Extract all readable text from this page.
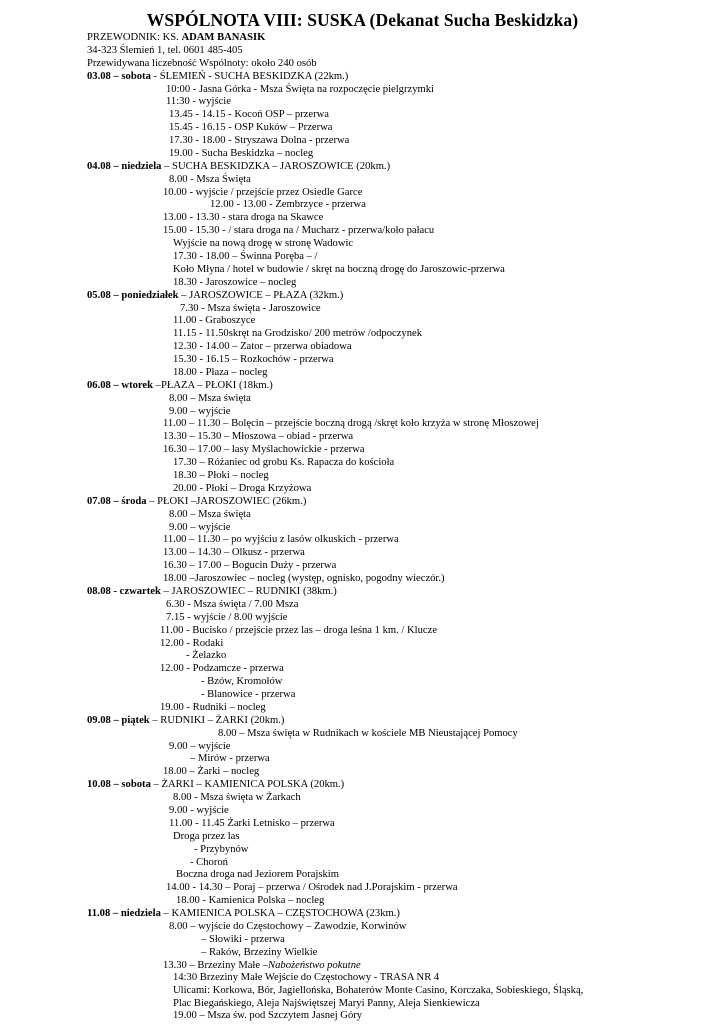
WSPÓLNOTA VIII: SUSKA (Dekanat Sucha Beskidzka)
PRZEWODNIK: KS. ADAM BANASIK
34-323 Ślemień 1, tel. 0601 485-405
Przewidywana liczebność Wspólnoty: około 240 osób
03.08 – sobota - ŚLEMIEŃ - SUCHA BESKIDZKA (22km.)
10:00 - Jasna Górka - Msza Święta na rozpoczęcie pielgrzymki
11:30 - wyjście
13.45 - 14.15 - Kocoń OSP – przerwa
15.45 - 16.15 - OSP Kuków – Przerwa
17.30 - 18.00 - Stryszawa Dolna - przerwa
19.00 - Sucha Beskidzka – nocleg
04.08 – niedziela – SUCHA BESKIDZKA – JAROSZOWICE (20km.)
8.00 - Msza Święta
10.00 - wyjście / przejście przez Osiedle Garce
12.00 - 13.00 - Zembrzyce - przerwa
13.00 - 13.30 - stara droga na Skawce
15.00 - 15.30 - / stara droga na / Mucharz - przerwa/koło pałacu
Wyjście na nową drogę w stronę Wadowic
17.30 - 18.00 – Świnna Poręba – /
Koło Młyna / hotel w budowie / skręt na boczną drogę do Jaroszowic-przerwa
18.30 - Jaroszowice – nocleg
05.08 – poniedziałek – JAROSZOWICE – PŁAZA (32km.)
7.30 - Msza święta - Jaroszowice
11.00 - Graboszyce
11.15 - 11.50skręt na Grodzisko/ 200 metrów /odpoczynek
12.30 - 14.00 – Zator – przerwa obiadowa
15.30 - 16.15 – Rozkochów - przerwa
18.00 - Płaza – nocleg
06.08 – wtorek –PŁAZA – PŁOKI (18km.)
8.00 – Msza święta
9.00 – wyjście
11.00 – 11.30 – Bolęcin – przejście boczną drogą /skręt koło krzyża w stronę Młoszowej
13.30 – 15.30 – Młoszowa – obiad - przerwa
16.30 – 17.00 – lasy Myślachowickie - przerwa
17.30 – Różaniec od grobu Ks. Rapacza do kościoła
18.30 – Płoki – nocleg
20.00 - Płoki – Droga Krzyżowa
07.08 – środa – PŁOKI –JAROSZOWIEC (26km.)
8.00 – Msza święta
9.00 – wyjście
11.00 – 11.30 – po wyjściu z lasów olkuskich - przerwa
13.00 – 14.30 – Olkusz - przerwa
16.30 – 17.00 – Bogucin Duży - przerwa
18.00 –Jaroszowiec – nocleg (występ, ognisko, pogodny wieczór.)
08.08 - czwartek – JAROSZOWIEC – RUDNIKI (38km.)
6.30 - Msza święta / 7.00 Msza
7.15 - wyjście / 8.00 wyjście
11.00 - Bucisko / przejście przez las – droga leśna 1 km. / Klucze
12.00 - Rodaki
- Żelazko
12.00 - Podzamcze - przerwa
- Bzów, Kromołów
- Blanowice - przerwa
19.00 - Rudniki – nocleg
09.08 – piątek – RUDNIKI – ŻARKI (20km.)
8.00 – Msza święta w Rudnikach w kościele MB Nieustającej Pomocy
9.00 – wyjście
– Mirów - przerwa
18.00 – Żarki – nocleg
10.08 – sobota – ŻARKI – KAMIENICA POLSKA (20km.)
8.00 - Msza święta w Żarkach
9.00 - wyjście
11.00 - 11.45 Żarki Letnisko – przerwa
Droga przez las
- Przybynów
- Choroń
Boczna droga nad Jeziorem Porajskim
14.00 - 14.30 – Poraj – przerwa / Ośrodek nad J.Porajskim - przerwa
18.00 - Kamienica Polska – nocleg
11.08 – niedziela – KAMIENICA POLSKA – CZĘSTOCHOWA (23km.)
8.00 – wyjście do Częstochowy – Zawodzie, Korwinów
– Słowiki - przerwa
– Raków, Brzeziny Wielkie
13.30 – Brzeziny Małe –Nabożeństwo pokutne
14:30 Brzeziny Małe Wejście do Częstochowy - TRASA NR 4
Ulicami: Korkowa, Bór, Jagiellońska, Bohaterów Monte Casino, Korczaka, Sobieskiego, Śląską,
Plac Biegańskiego, Aleja Najświętszej Maryi Panny, Aleja Sienkiewicza
19.00 – Msza św. pod Szczytem Jasnej Góry
